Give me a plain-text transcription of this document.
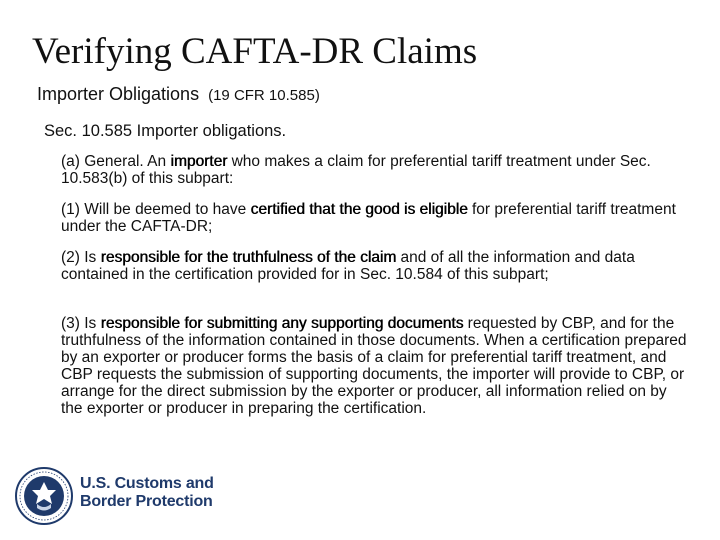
Verifying CAFTA-DR Claims
Importer Obligations (19 CFR 10.585)
Sec. 10.585 Importer obligations.

(a) General. An importer who makes a claim for preferential tariff treatment under Sec. 10.583(b) of this subpart:

(1) Will be deemed to have certified that the good is eligible for preferential tariff treatment under the CAFTA-DR;

(2) Is responsible for the truthfulness of the claim and of all the information and data contained in the certification provided for in Sec. 10.584 of this subpart;

(3) Is responsible for submitting any supporting documents requested by CBP, and for the truthfulness of the information contained in those documents. When a certification prepared by an exporter or producer forms the basis of a claim for preferential tariff treatment, and CBP requests the submission of supporting documents, the importer will provide to CBP, or arrange for the direct submission by the exporter or producer, all information relied on by the exporter or producer in preparing the certification.

U.S. Customs and
Border Protection
